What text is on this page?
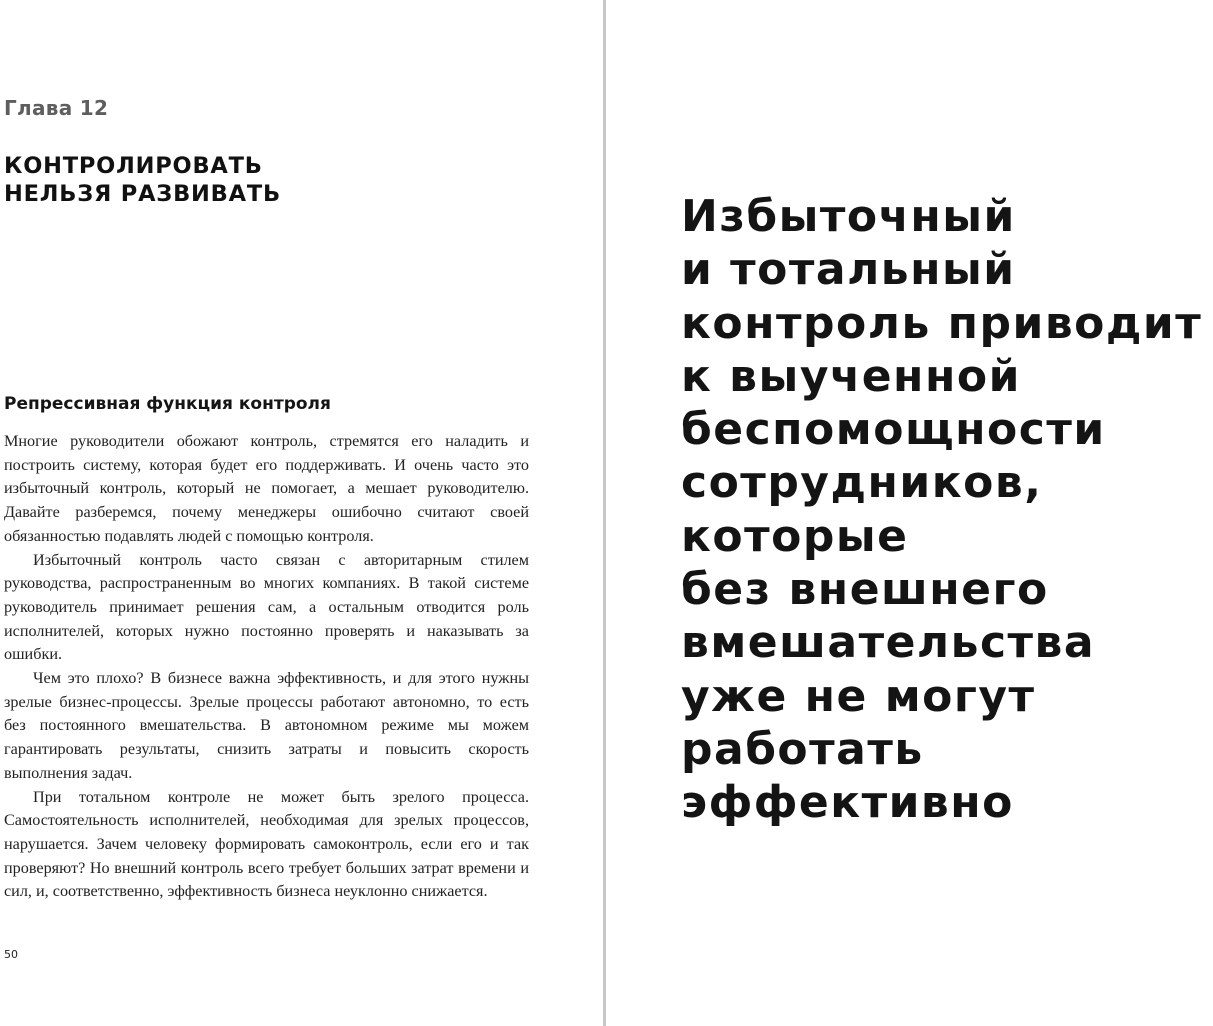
Глава 12
КОНТРОЛИРОВАТЬ
НЕЛЬЗЯ РАЗВИВАТЬ
Репрессивная функция контроля

Многие руководители обожают контроль, стремятся его наладить и построить систему, которая будет его поддерживать. И очень часто это избыточный контроль, который не помогает, а мешает руководителю. Давайте разберемся, почему менеджеры ошибочно считают своей обязанностью подавлять людей с помощью контроля.

Избыточный контроль часто связан с авторитарным стилем руководства, распространенным во многих компаниях. В такой системе руководитель принимает решения сам, а остальным отводится роль исполнителей, которых нужно постоянно проверять и наказывать за ошибки.

Чем это плохо? В бизнесе важна эффективность, и для этого нужны зрелые бизнес-процессы. Зрелые процессы работают автономно, то есть без постоянного вмешательства. В автономном режиме мы можем гарантировать результаты, снизить затраты и повысить скорость выполнения задач.

При тотальном контроле не может быть зрелого процесса. Самостоятельность исполнителей, необходимая для зрелых процессов, нарушается. Зачем человеку формировать самоконтроль, если его и так проверяют? Но внешний контроль всего требует больших затрат времени и сил, и, соответственно, эффективность бизнеса неуклонно снижается.

50
Избыточный
и тотальный
контроль приводит
к выученной
беспомощности
сотрудников,
которые
без внешнего
вмешательства
уже не могут
работать
эффективно
